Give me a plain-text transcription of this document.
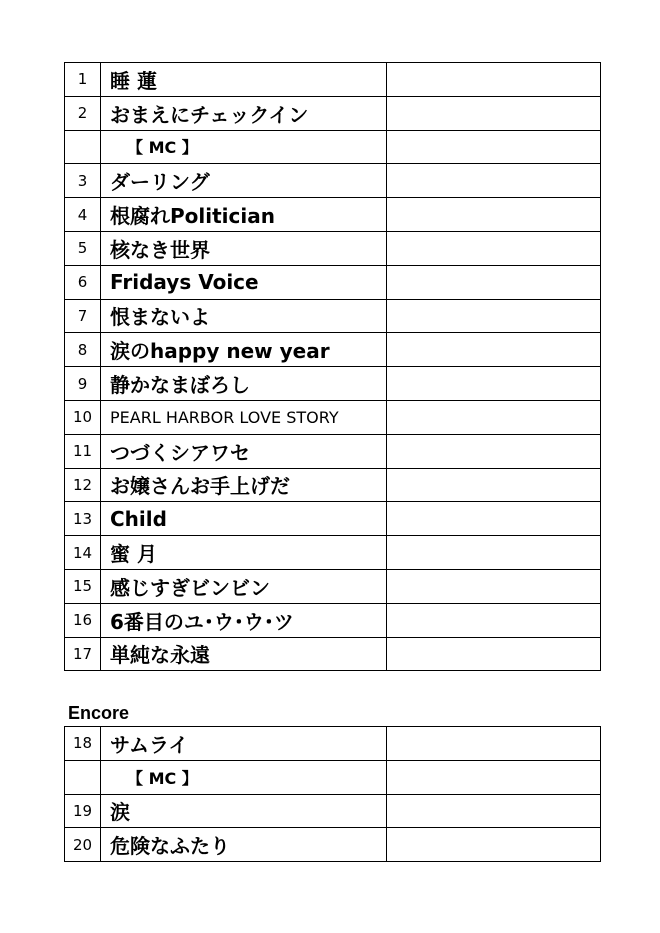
1	睡 蓮	
2	おまえにチェックイン	
	【 MC 】	
3	ダーリング	
4	根腐れPolitician	
5	核なき世界	
6	Fridays Voice	
7	恨まないよ	
8	涙のhappy new year	
9	静かなまぼろし	
10	PEARL HARBOR LOVE STORY	
11	つづくシアワセ	
12	お嬢さんお手上げだ	
13	Child	
14	蜜 月	
15	感じすぎビンビン	
16	6番目のユ･ウ･ウ･ツ	
17	単純な永遠	
Encore
18	サムライ	
	【 MC 】	
19	涙	
20	危険なふたり	
